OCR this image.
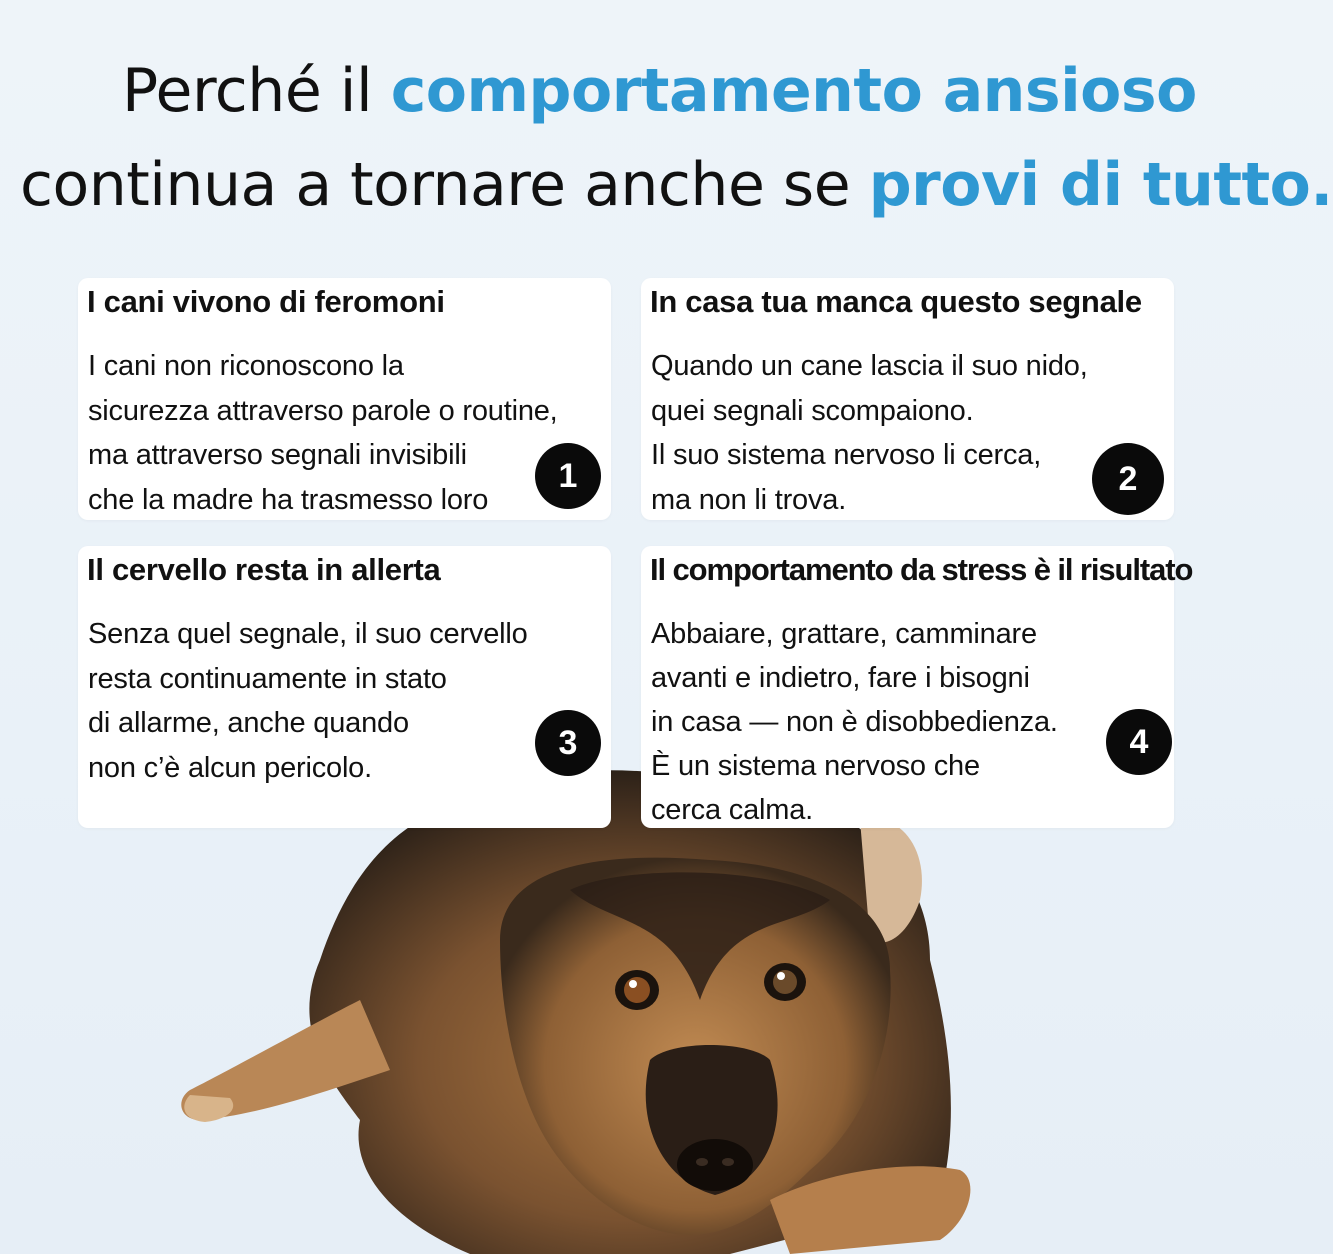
Perché il comportamento ansioso
continua a tornare anche se provi di tutto.
I cani vivono di feromoni
I cani non riconoscono la
sicurezza attraverso parole o routine,
ma attraverso segnali invisibili
che la madre ha trasmesso loro
1
In casa tua manca questo segnale
Quando un cane lascia il suo nido,
quei segnali scompaiono.
Il suo sistema nervoso li cerca,
ma non li trova.
2
Il cervello resta in allerta
Senza quel segnale, il suo cervello
resta continuamente in stato
di allarme, anche quando
non c’è alcun pericolo.
3
Il comportamento da stress è il risultato
Abbaiare, grattare, camminare
avanti e indietro, fare i bisogni
in casa — non è disobbedienza.
È un sistema nervoso che
cerca calma.
4
